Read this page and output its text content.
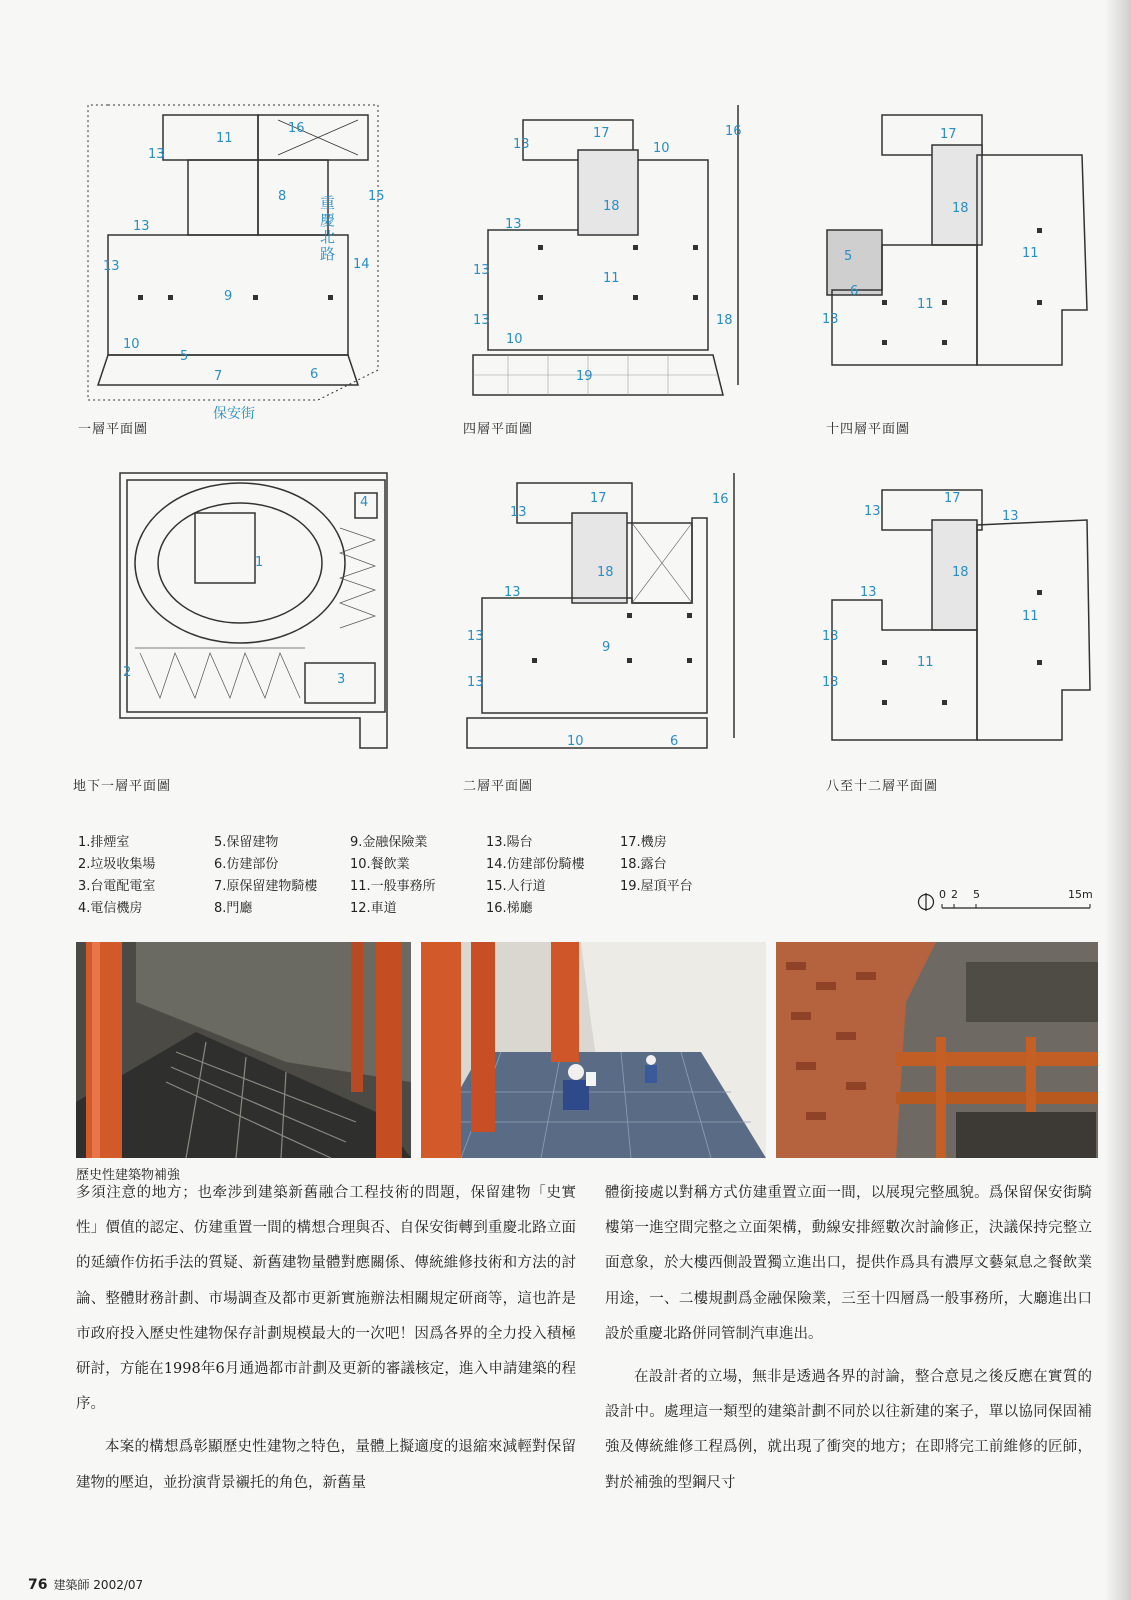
11
16
13
8
13
15
14
13
9
10
5
7	6
保安街
重慶北路
一層平面圖
17
13	10
16
18
13
11
13
13
10
18
19
四層平面圖
17
18
5	11
11
6
13
十四層平面圖
1
4
2	3
地下一層平面圖
17	16
13
18
13
13
9
13
10	6
二層平面圖
17
13	13
18
13
11
13
11
13
八至十二層平面圖
1.排煙室
2.垃圾收集場
3.台電配電室
4.電信機房
5.保留建物
6.仿建部份
7.原保留建物騎樓
8.門廳
9.金融保險業
10.餐飲業
11.一般事務所
12.車道
13.陽台
14.仿建部份騎樓
15.人行道
16.梯廳
17.機房
18.露台
19.屋頂平台
0 2 5	15m
歷史性建築物補強

多須注意的地方；也牽涉到建築新舊融合工程技術的問題，保留建物「史實性」價值的認定、仿建重置一間的構想合理與否、自保安街轉到重慶北路立面的延續作仿拓手法的質疑、新舊建物量體對應關係、傳統維修技術和方法的討論、整體財務計劃、市場調查及都市更新實施辦法相關規定研商等，這也許是市政府投入歷史性建物保存計劃規模最大的一次吧！因爲各界的全力投入積極研討，方能在1998年6月通過都市計劃及更新的審議核定，進入申請建築的程序。

本案的構想爲彰顯歷史性建物之特色，量體上擬適度的退縮來減輕對保留建物的壓迫，並扮演背景襯托的角色，新舊量

體銜接處以對稱方式仿建重置立面一間，以展現完整風貌。爲保留保安街騎樓第一進空間完整之立面架構，動線安排經數次討論修正，決議保持完整立面意象，於大樓西側設置獨立進出口，提供作爲具有濃厚文藝氣息之餐飲業用途，一、二樓規劃爲金融保險業，三至十四層爲一般事務所，大廳進出口設於重慶北路併同管制汽車進出。

在設計者的立場，無非是透過各界的討論，整合意見之後反應在實質的設計中。處理這一類型的建築計劃不同於以往新建的案子，單以協同保固補強及傳統維修工程爲例，就出現了衝突的地方；在即將完工前維修的匠師，對於補強的型鋼尺寸

76 建築師 2002/07
